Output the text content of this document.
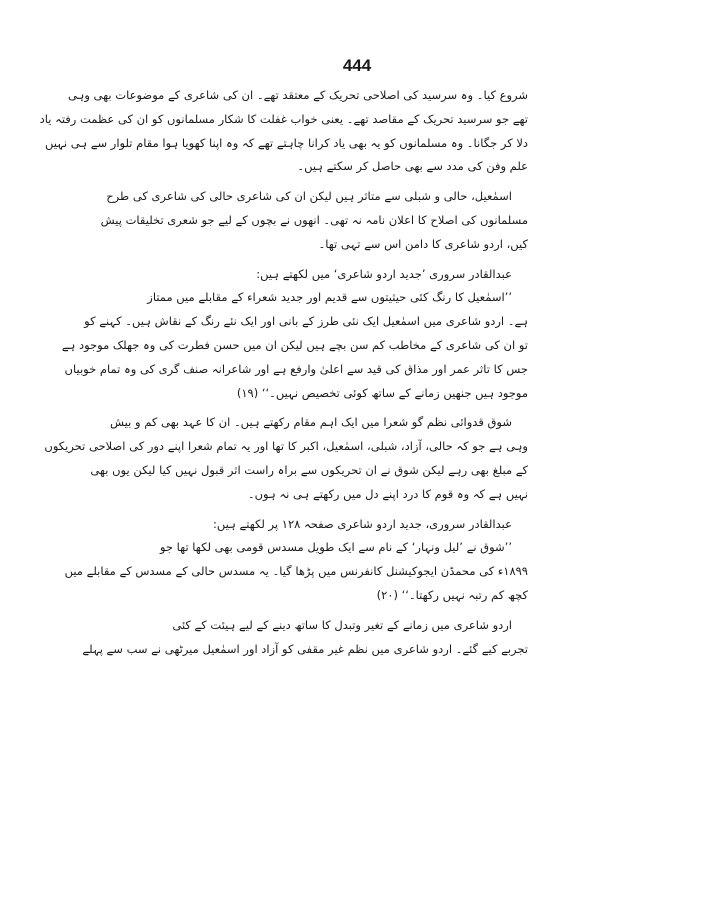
444
شروع کیا۔ وہ سرسید کی اصلاحی تحریک کے معتقد تھے۔ ان کی شاعری کے موضوعات بھی وہی
تھے جو سرسید تحریک کے مقاصد تھے۔ یعنی خواب غفلت کا شکار مسلمانوں کو ان کی عظمت رفتہ یاد
دلا کر جگانا۔ وہ مسلمانوں کو یہ بھی یاد کرانا چاہتے تھے کہ وہ اپنا کھویا ہوا مقام تلوار سے ہی نہیں
علم وفن کی مدد سے بھی حاصل کر سکتے ہیں۔
اسمٰعیل، حالی و شبلی سے متاثر ہیں لیکن ان کی شاعری حالی کی شاعری کی طرح
مسلمانوں کی اصلاح کا اعلان نامہ نہ تھی۔ انھوں نے بچوں کے لیے جو شعری تخلیقات پیش
کیں، اردو شاعری کا دامن اس سے تہی تھا۔
عبدالقادر سروری ’جدید اردو شاعری‘ میں لکھتے ہیں:
’’اسمٰعیل کا رنگ کئی حیثیتوں سے قدیم اور جدید شعراء کے مقابلے میں ممتاز
ہے۔ اردو شاعری میں اسمٰعیل ایک نئی طرز کے بانی اور ایک نئے رنگ کے نقاش ہیں۔ کہنے کو
تو ان کی شاعری کے مخاطب کم سن بچے ہیں لیکن ان میں حسن فطرت کی وہ جھلک موجود ہے
جس کا تاثر عمر اور مذاق کی قید سے اعلیٰ وارفع ہے اور شاعرانہ صنف گری کی وہ تمام خوبیاں
موجود ہیں جنھیں زمانے کے ساتھ کوئی تخصیص نہیں۔‘‘ (۱۹)
شوق قدوائی نظم گو شعرا میں ایک اہم مقام رکھتے ہیں۔ ان کا عہد بھی کم و بیش
وہی ہے جو کہ حالی، آزاد، شبلی، اسمٰعیل، اکبر کا تھا اور یہ تمام شعرا اپنے دور کی اصلاحی تحریکوں
کے مبلغ بھی رہے لیکن شوق نے ان تحریکوں سے براہ راست اثر قبول نہیں کیا لیکن یوں بھی
نہیں ہے کہ وہ قوم کا درد اپنے دل میں رکھتے ہی نہ ہوں۔
عبدالقادر سروری، جدید اردو شاعری صفحہ ۱۲۸ پر لکھتے ہیں:
’’شوق نے ’لیل ونہار‘ کے نام سے ایک طویل مسدس قومی بھی لکھا تھا جو
۱۸۹۹ء کی محمڈن ایجوکیشنل کانفرنس میں پڑھا گیا۔ یہ مسدس حالی کے مسدس کے مقابلے میں
کچھ کم رتبہ نہیں رکھتا۔‘‘ (۲۰)
اردو شاعری میں زمانے کے تغیر وتبدل کا ساتھ دینے کے لیے ہیئت کے کئی
تجربے کیے گئے۔ اردو شاعری میں نظم غیر مقفی کو آزاد اور اسمٰعیل میرٹھی نے سب سے پہلے
